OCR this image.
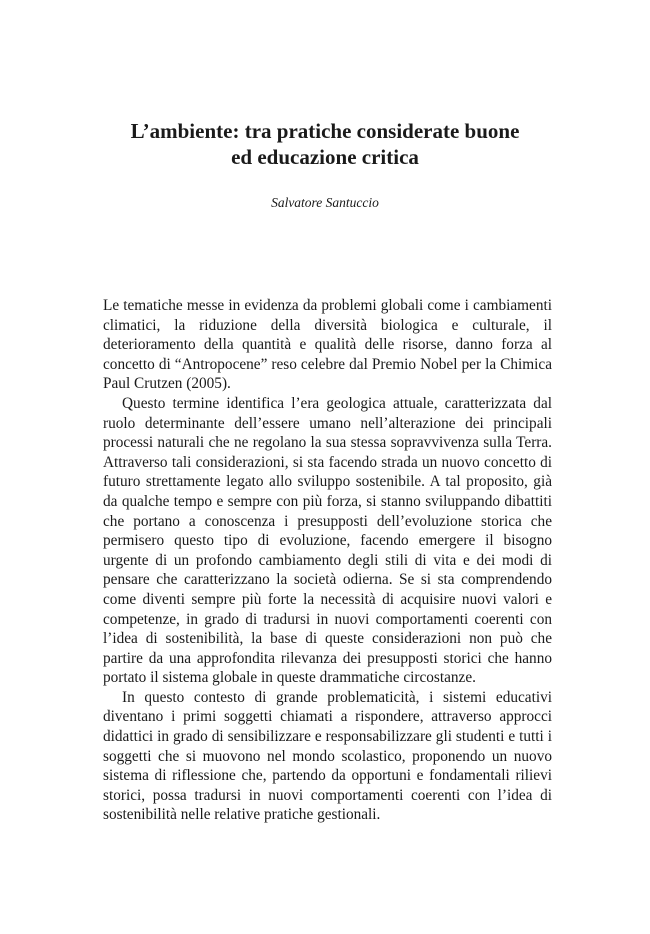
L’ambiente: tra pratiche considerate buone
ed educazione critica

Salvatore Santuccio

Le tematiche messe in evidenza da problemi globali come i cambiamenti climatici, la riduzione della diversità biologica e culturale, il deterioramento della quantità e qualità delle risorse, danno forza al concetto di “Antropocene” reso celebre dal Premio Nobel per la Chimica Paul Crutzen (2005).

Questo termine identifica l’era geologica attuale, caratterizzata dal ruolo determinante dell’essere umano nell’alterazione dei principali processi naturali che ne regolano la sua stessa sopravvivenza sulla Terra. Attraverso tali considerazioni, si sta facendo strada un nuovo concetto di futuro strettamente legato allo sviluppo sostenibile. A tal proposito, già da qualche tempo e sempre con più forza, si stanno sviluppando dibattiti che portano a conoscenza i presupposti dell’evoluzione storica che permisero questo tipo di evoluzione, facendo emergere il bisogno urgente di un profondo cambiamento degli stili di vita e dei modi di pensare che caratterizzano la società odierna. Se si sta comprendendo come diventi sempre più forte la necessità di acquisire nuovi valori e competenze, in grado di tradursi in nuovi comportamenti coerenti con l’idea di sostenibilità, la base di queste considerazioni non può che partire da una approfondita rilevanza dei presupposti storici che hanno portato il sistema globale in queste drammatiche circostanze.

In questo contesto di grande problematicità, i sistemi educativi diventano i primi soggetti chiamati a rispondere, attraverso approcci didattici in grado di sensibilizzare e responsabilizzare gli studenti e tutti i soggetti che si muovono nel mondo scolastico, proponendo un nuovo sistema di riflessione che, partendo da opportuni e fondamentali rilievi storici, possa tradursi in nuovi comportamenti coerenti con l’idea di sostenibilità nelle relative pratiche gestionali.
